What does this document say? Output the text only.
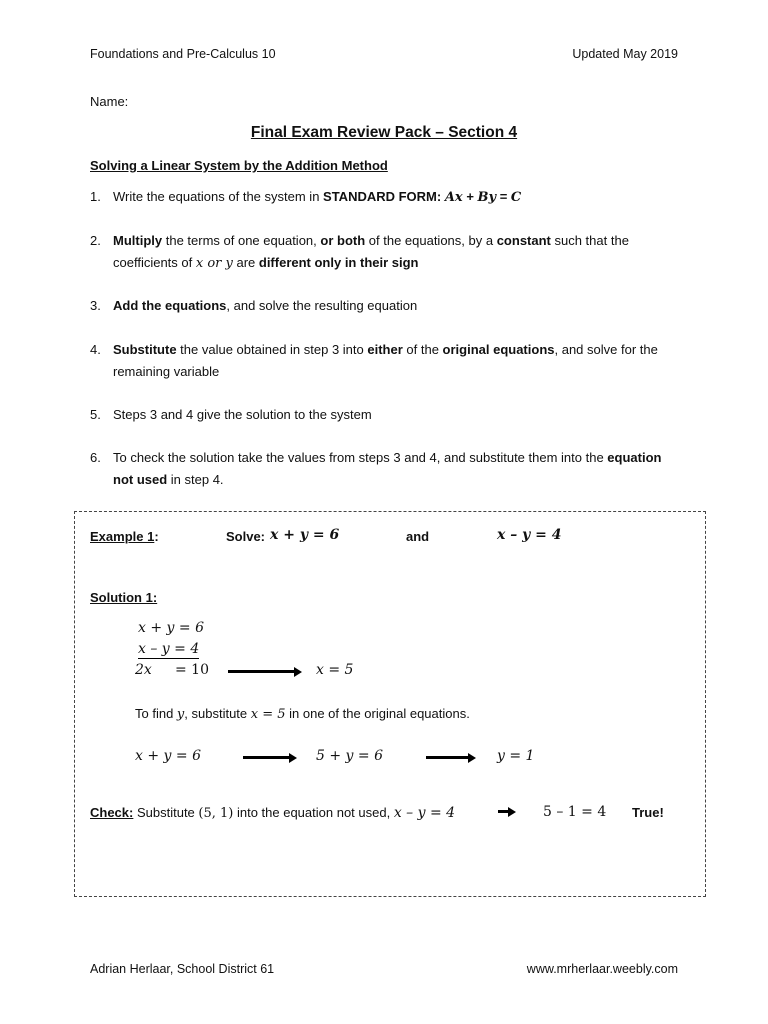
Foundations and Pre-Calculus 10	Updated May 2019
Name:
Final Exam Review Pack – Section 4
Solving a Linear System by the Addition Method
1. Write the equations of the system in STANDARD FORM: Ax + By = C
2. Multiply the terms of one equation, or both of the equations, by a constant such that the coefficients of x or y are different only in their sign
3. Add the equations, and solve the resulting equation
4. Substitute the value obtained in step 3 into either of the original equations, and solve for the remaining variable
5. Steps 3 and 4 give the solution to the system
6. To check the solution take the values from steps 3 and 4, and substitute them into the equation not used in step 4.
Example 1:	Solve: x + y = 6	and	x – y = 4
Solution 1:
x + y = 6
x – y = 4
2x = 10	x = 5
To find y, substitute x = 5 in one of the original equations.
x + y = 6	5 + y = 6	y = 1
Check: Substitute (5, 1) into the equation not used, x – y = 4	5 – 1 = 4 True!
Adrian Herlaar, School District 61	www.mrherlaar.weebly.com
